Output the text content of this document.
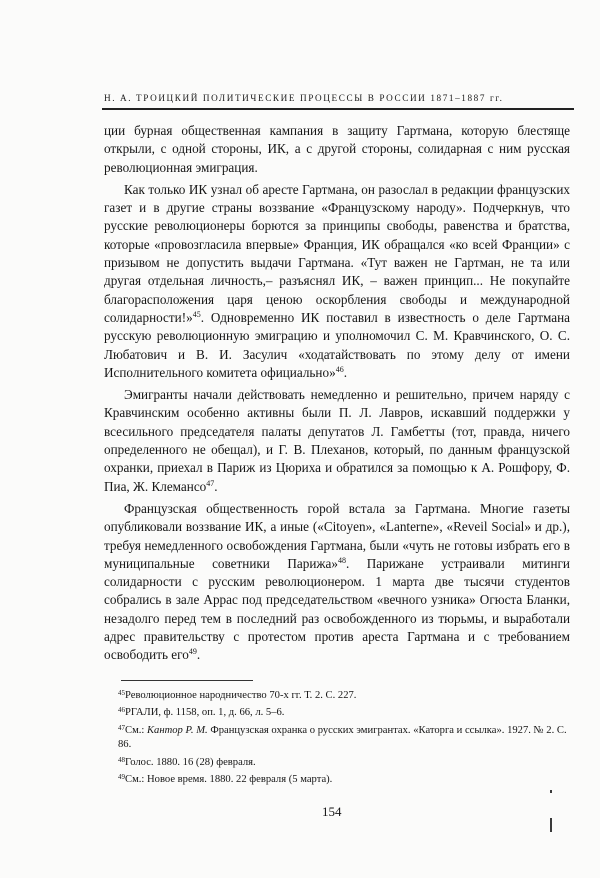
Н. А. ТРОИЦКИЙ ПОЛИТИЧЕСКИЕ ПРОЦЕССЫ В РОССИИ 1871–1887 гг.

ции бурная общественная кампания в защиту Гартмана, которую блестяще открыли, с одной стороны, ИК, а с другой стороны, солидарная с ним русская революционная эмиграция.

Как только ИК узнал об аресте Гартмана, он разослал в редакции французских газет и в другие страны воззвание «Французскому народу». Подчеркнув, что русские революционеры борются за принципы свободы, равенства и братства, которые «провозгласила впервые» Франция, ИК обращался «ко всей Франции» с призывом не допустить выдачи Гартмана. «Тут важен не Гартман, не та или другая отдельная личность,– разъяснял ИК, – важен принцип... Не покупайте благорасположения царя ценою оскорбления свободы и международной солидарности!»$^{45}$. Одновременно ИК поставил в известность о деле Гартмана русскую революционную эмиграцию и уполномочил С. М. Кравчинского, О. С. Любатович и В. И. Засулич «ходатайствовать по этому делу от имени Исполнительного комитета официально»$^{46}$.

Эмигранты начали действовать немедленно и решительно, причем наряду с Кравчинским особенно активны были П. Л. Лавров, искавший поддержки у всесильного председателя палаты депутатов Л. Гамбетты (тот, правда, ничего определенного не обещал), и Г. В. Плеханов, который, по данным французской охранки, приехал в Париж из Цюриха и обратился за помощью к А. Рошфору, Ф. Пиа, Ж. Клемансо$^{47}$.

Французская общественность горой встала за Гартмана. Многие газеты опубликовали воззвание ИК, а иные («Citoyen», «Lanterne», «Reveil Social» и др.), требуя немедленного освобождения Гартмана, были «чуть не готовы избрать его в муниципальные советники Парижа»$^{48}$. Парижане устраивали митинги солидарности с русским революционером. 1 марта две тысячи студентов собрались в зале Аррас под председательством «вечного узника» Огюста Бланки, незадолго перед тем в последний раз освобожденного из тюрьмы, и выработали адрес правительству с протестом против ареста Гартмана и с требованием освободить его$^{49}$.

$^{45}$Революционное народничество 70-х гг. Т. 2. С. 227.

$^{46}$РГАЛИ, ф. 1158, оп. 1, д. 66, л. 5–6.

$^{47}$См.: Кантор Р. М. Французская охранка о русских эмигрантах. «Каторга и ссылка». 1927. № 2. С. 86.

$^{48}$Голос. 1880. 16 (28) февраля.

$^{49}$См.: Новое время. 1880. 22 февраля (5 марта).

154
